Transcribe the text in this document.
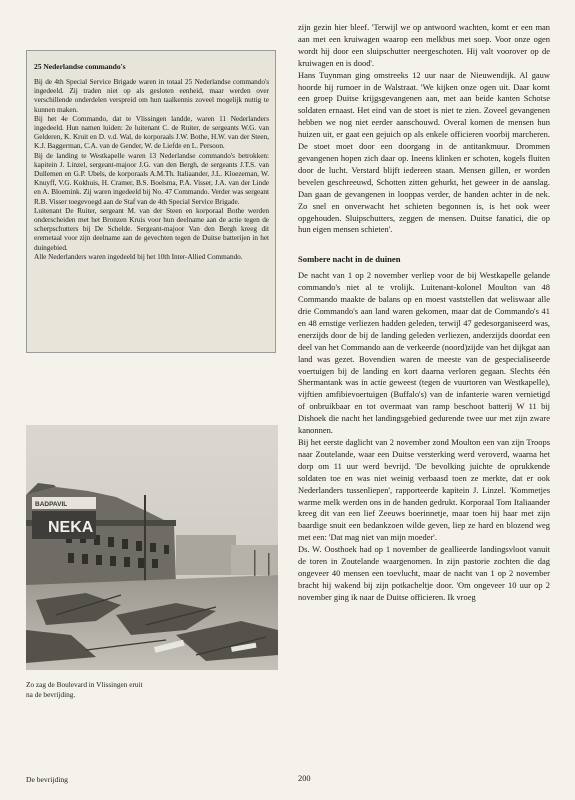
25 Nederlandse commando's

Bij de 4th Special Service Brigade waren in totaal 25 Nederlandse commando's ingedeeld. Zij traden niet op als gesloten eenheid, maar werden over verschillende onderdelen verspreid om hun taalkennis zoveel mogelijk nuttig te kunnen maken.

Bij het 4e Commando, dat te Vlissingen landde, waren 11 Nederlanders ingedeeld. Hun namen luiden: 2e luitenant C. de Ruiter, de sergeants W.G. van Gelderen, K. Kruit en D. v.d. Wal, de korporaals J.W. Bothe, H.W. van der Steen, K.J. Baggerman, C.A. van de Gender, W. de Liefde en L. Persoon.

Bij de landing te Westkapelle waren 13 Nederlandse commando's betrokken: kapitein J. Linzel, sergeant-majoor J.G. van den Bergh, de sergeants J.T.S. van Dullemen en G.P. Ubels, de korporaals A.M.Th. Italiaander, J.L. Kloezeman, W. Knuyff, V.G. Kokhuis, H. Cramer, B.S. Boelsma, P.A. Visser, J.A. van der Linde en A. Bloemink. Zij waren ingedeeld bij No. 47 Commando. Verder was sergeant R.B. Visser toegevoegd aan de Staf van de 4th Special Service Brigade.

Luitenant De Ruiter, sergeant M. van der Steen en korporaal Bothe werden onderscheiden met het Bronzen Kruis voor hun deelname aan de actie tegen de scherpschutters bij De Schelde. Sergeant-majoor Van den Bergh kreeg dit eremetaal voor zijn deelname aan de gevechten tegen de Duitse batterijen in het duingebied.

Alle Nederlanders waren ingedeeld bij het 10th Inter-Allied Commando.

BADPAVIL
NEKA

Zo zag de Boulevard in Vlissingen eruit na de bevrijding.

zijn gezin hier bleef. 'Terwijl we op antwoord wachten, komt er een man aan met een kruiwagen waarop een melkbus met soep. Voor onze ogen wordt hij door een sluipschutter neergeschoten. Hij valt voorover op de kruiwagen en is dood'.

Hans Tuynman ging omstreeks 12 uur naar de Nieuwendijk. Al gauw hoorde hij rumoer in de Walstraat. 'We kijken onze ogen uit. Daar komt een groep Duitse krijgsgevangenen aan, met aan beide kanten Schotse soldaten ernaast. Het eind van de stoet is niet te zien. Zoveel gevangenen hebben we nog niet eerder aanschouwd. Overal komen de mensen hun huizen uit, er gaat een gejuich op als enkele officieren voorbij marcheren. De stoet moet door een doorgang in de antitankmuur. Drommen gevangenen hopen zich daar op. Ineens klinken er schoten, kogels fluiten door de lucht. Verstard blijft iedereen staan. Mensen gillen, er worden bevelen geschreeuwd, Schotten zitten gehurkt, het geweer in de aanslag. Dan gaan de gevangenen in looppas verder, de handen achter in de nek. Zo snel en onverwacht het schieten begonnen is, is het ook weer opgehouden. Sluipschutters, zeggen de mensen. Duitse fanatici, die op hun eigen mensen schieten'.

Sombere nacht in de duinen

De nacht van 1 op 2 november verliep voor de bij Westkapelle gelande commando's niet al te vrolijk. Luitenant-kolonel Moulton van 48 Commando maakte de balans op en moest vaststellen dat weliswaar alle drie Commando's aan land waren gekomen, maar dat de Commando's 41 en 48 ernstige verliezen hadden geleden, terwijl 47 gedesorganiseerd was, enerzijds door de bij de landing geleden verliezen, anderzijds doordat een deel van het Commando aan de verkeerde (noord)zijde van het dijkgat aan land was gezet. Bovendien waren de meeste van de gespecialiseerde voertuigen bij de landing en kort daarna verloren gegaan. Slechts één Shermantank was in actie geweest (tegen de vuurtoren van Westkapelle), vijftien amfibievoertuigen (Buffalo's) van de infanterie waren vernietigd of onbruikbaar en tot overmaat van ramp beschoot batterij W 11 bij Dishoek die nacht het landingsgebied gedurende twee uur met zijn zware kanonnen.

Bij het eerste daglicht van 2 november zond Moulton een van zijn Troops naar Zoutelande, waar een Duitse versterking werd veroverd, waarna het dorp om 11 uur werd bevrijd. 'De bevolking juichte de oprukkende soldaten toe en was niet weinig verbaasd toen ze merkte, dat er ook Nederlanders tussenliepen', rapporteerde kapitein J. Linzel. 'Kommetjes warme melk werden ons in de handen gedrukt. Korporaal Tom Italiaander kreeg dit van een lief Zeeuws boerinnetje, maar toen hij haar met zijn baardige snuit een bedankzoen wilde geven, liep ze hard en blozend weg met een: 'Dat mag niet van mijn moeder'.

Ds. W. Oosthoek had op 1 november de geallieerde landingsvloot vanuit de toren in Zoutelande waargenomen. In zijn pastorie zochten die dag ongeveer 40 mensen een toevlucht, maar de nacht van 1 op 2 november bracht hij wakend bij zijn potkacheltje door. 'Om ongeveer 10 uur op 2 november ging ik naar de Duitse officieren. Ik vroeg

De bevrijding	200
